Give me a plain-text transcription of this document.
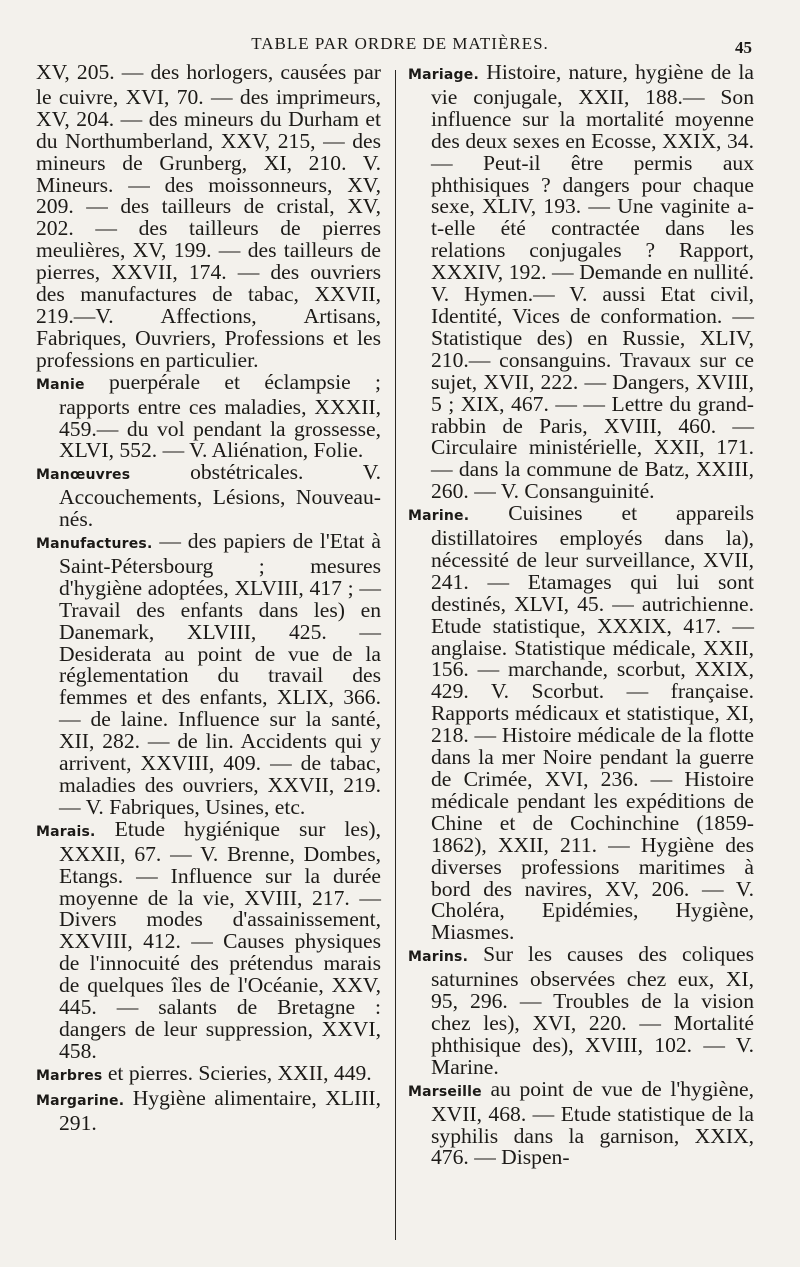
TABLE PAR ORDRE DE MATIÈRES.	45

XV, 205. — des horlogers, causées par le cuivre, XVI, 70. — des imprimeurs, XV, 204. — des mineurs du Durham et du Northumberland, XXV, 215, — des mineurs de Grunberg, XI, 210. V. Mineurs. — des moissonneurs, XV, 209. — des tailleurs de cristal, XV, 202. — des tailleurs de pierres meulières, XV, 199. — des tailleurs de pierres, XXVII, 174. — des ouvriers des manufactures de tabac, XXVII, 219.—V. Affections, Artisans, Fabriques, Ouvriers, Professions et les professions en particulier.

Manie puerpérale et éclampsie ; rapports entre ces maladies, XXXII, 459.— du vol pendant la grossesse, XLVI, 552. — V. Aliénation, Folie.

Manœuvres	obstétricales. V. Accouchements, Lésions, Nouveau-nés.

Manufactures. — des papiers de l'Etat à Saint-Pétersbourg ; mesures d'hygiène adoptées, XLVIII, 417 ; — Travail des enfants dans les) en Danemark, XLVIII, 425. — Desiderata au point de vue de la réglementation du travail des femmes et des enfants, XLIX, 366. — de laine. Influence sur la santé, XII, 282. — de lin. Accidents qui y arrivent, XXVIII, 409. — de tabac, maladies des ouvriers, XXVII, 219. — V. Fabriques, Usines, etc.

Marais. Etude hygiénique sur les), XXXII, 67. — V. Brenne, Dombes, Etangs. — Influence sur la durée moyenne de la vie, XVIII, 217. — Divers modes d'assainissement, XXVIII, 412. — Causes physiques de l'innocuité des prétendus marais de quelques îles de l'Océanie, XXV, 445. — salants de Bretagne : dangers de leur suppression, XXVI, 458.

Marbres et pierres. Scieries, XXII, 449.

Margarine. Hygiène alimentaire, XLIII, 291.

Mariage. Histoire, nature, hygiène de la vie conjugale, XXII, 188.— Son influence sur la mortalité moyenne des deux sexes en Ecosse, XXIX, 34. — Peut-il être permis aux phthisiques ? dangers pour chaque sexe, XLIV, 193. — Une vaginite a-t-elle été contractée dans les relations conjugales ? Rapport, XXXIV, 192. — Demande en nullité. V. Hymen.— V. aussi Etat civil, Identité, Vices de conformation. — Statistique des) en Russie, XLIV, 210.— consanguins. Travaux sur ce sujet, XVII, 222. — Dangers, XVIII, 5 ; XIX, 467. — — Lettre du grand-rabbin de Paris, XVIII, 460. — Circulaire ministérielle, XXII, 171. — dans la commune de Batz, XXIII, 260. — V. Consanguinité.

Marine. Cuisines et appareils distillatoires employés dans la), nécessité de leur surveillance, XVII, 241. — Etamages qui lui sont destinés, XLVI, 45. — autrichienne. Etude statistique, XXXIX, 417. — anglaise. Statistique médicale, XXII, 156. — marchande, scorbut, XXIX, 429. V. Scorbut. — française. Rapports médicaux et statistique, XI, 218. — Histoire médicale de la flotte dans la mer Noire pendant la guerre de Crimée, XVI, 236. — Histoire médicale pendant les expéditions de Chine et de Cochinchine (1859-1862), XXII, 211. — Hygiène des diverses professions maritimes à bord des navires, XV, 206. — V. Choléra, Epidémies, Hygiène, Miasmes.

Marins. Sur les causes des coliques saturnines observées chez eux, XI, 95, 296. — Troubles de la vision chez les), XVI, 220. — Mortalité phthisique des), XVIII, 102. — V. Marine.

Marseille au point de vue de l'hygiène, XVII, 468. — Etude statistique de la syphilis dans la garnison, XXIX, 476. — Dispen-
